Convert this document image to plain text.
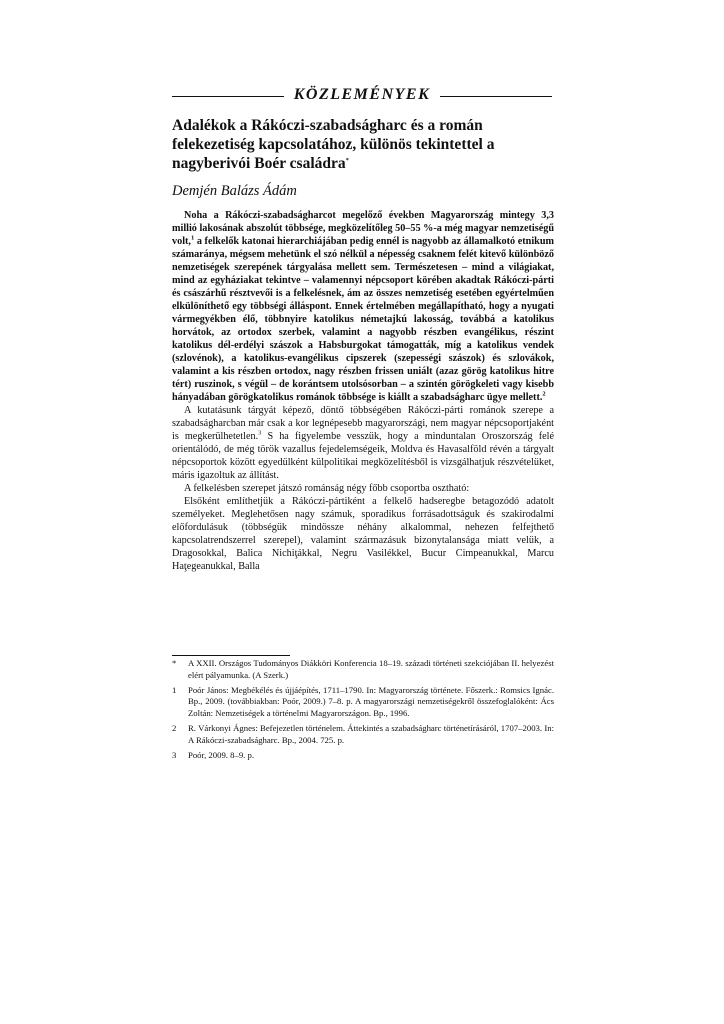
KÖZLEMÉNYEK
Adalékok a Rákóczi-szabadságharc és a román felekezetiség kapcsolatához, különös tekintettel a nagyberivói Boér családra*
Demjén Balázs Ádám

Noha a Rákóczi-szabadságharcot megelőző években Magyarország mintegy 3,3 millió lakosának abszolút többsége, megközelítőleg 50–55 %-a még magyar nemzetiségű volt,$^1$ a felkelők katonai hierarchiájában pedig ennél is nagyobb az államalkotó etnikum számaránya, mégsem mehetünk el szó nélkül a népesség csaknem felét kitevő különböző nemzetiségek szerepének tárgyalása mellett sem. Természetesen – mind a világiakat, mind az egyháziakat tekintve – valamennyi népcsoport körében akadtak Rákóczi-párti és császárhű résztvevői is a felkelésnek, ám az összes nemzetiség esetében egyértelműen elkülöníthető egy többségi álláspont. Ennek értelmében megállapítható, hogy a nyugati vármegyékben élő, többnyire katolikus németajkú lakosság, továbbá a katolikus horvátok, az ortodox szerbek, valamint a nagyobb részben evangélikus, részint katolikus dél-erdélyi szászok a Habsburgokat támogatták, míg a katolikus vendek (szlovénok), a katolikus-evangélikus cipszerek (szepességi szászok) és szlovákok, valamint a kis részben ortodox, nagy részben frissen uniált (azaz görög katolikus hitre tért) ruszinok, s végül – de korántsem utolsósorban – a szintén görögkeleti vagy kisebb hányadában görögkatolikus románok többsége is kiállt a szabadságharc ügye mellett.$^2$

A kutatásunk tárgyát képező, döntő többségében Rákóczi-párti románok szerepe a szabadságharcban már csak a kor legnépesebb magyarországi, nem magyar népcsoportjaként is megkerülhetetlen.$^3$ S ha figyelembe vesszük, hogy a minduntalan Oroszország felé orientálódó, de még török vazallus fejedelemségeik, Moldva és Havasalföld révén a tárgyalt népcsoportok között egyedülként külpolitikai megközelítésből is vizsgálhatjuk részvételüket, máris igazoltuk az állítást.

A felkelésben szerepet játszó románság négy főbb csoportba osztható:

Elsőként említhetjük a Rákóczi-pártiként a felkelő hadseregbe betagozódó adatolt személyeket. Meglehetősen nagy számuk, sporadikus forrásadottságuk és szakirodalmi előfordulásuk (többségük mindössze néhány alkalommal, nehezen felfejthető kapcsolatrendszerrel szerepel), valamint származásuk bizonytalansága miatt velük, a Dragosokkal, Balica Nichiţákkal, Negru Vasilékkel, Bucur Cimpeanukkal, Marcu Haţegeanukkal, Balla

* A XXII. Országos Tudományos Diákköri Konferencia 18–19. századi történeti szekciójában II. helyezést elért pályamunka. (A Szerk.)
1 Poór János: Megbékélés és újjáépítés, 1711–1790. In: Magyarország története. Főszerk.: Romsics Ignác. Bp., 2009. (továbbiakban: Poór, 2009.) 7–8. p. A magyarországi nemzetiségekről összefoglalóként: Ács Zoltán: Nemzetiségek a történelmi Magyarországon. Bp., 1996.
2 R. Várkonyi Ágnes: Befejezetlen történelem. Áttekintés a szabadságharc történetírásáról, 1707–2003. In: A Rákóczi-szabadságharc. Bp., 2004. 725. p.
3 Poór, 2009. 8–9. p.
